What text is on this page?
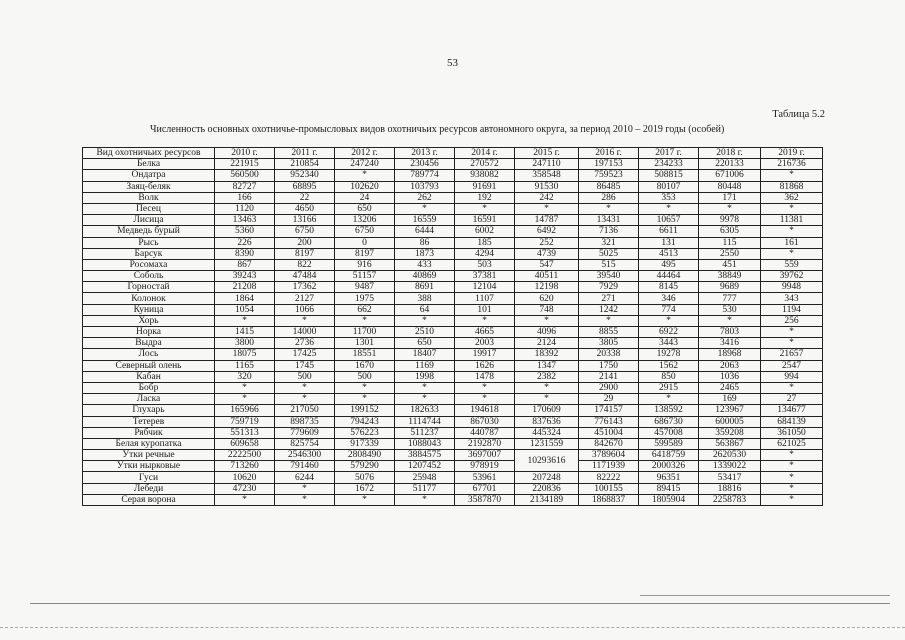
53
Таблица 5.2
Численность основных охотничье-промысловых видов охотничьих ресурсов автономного округа, за период 2010 – 2019 годы (особей)
Вид охотничьих ресурсов	2010 г.	2011 г.	2012 г.	2013 г.	2014 г.	2015 г.	2016 г.	2017 г.	2018 г.	2019 г.
Белка	221915	210854	247240	230456	270572	247110	197153	234233	220133	216736
Ондатра	560500	952340	*	789774	938082	358548	759523	508815	671006	*
Заяц-беляк	82727	68895	102620	103793	91691	91530	86485	80107	80448	81868
Волк	166	22	24	262	192	242	286	353	171	362
Песец	1120	4650	650	*	*	*	*	*	*	*
Лисица	13463	13166	13206	16559	16591	14787	13431	10657	9978	11381
Медведь бурый	5360	6750	6750	6444	6002	6492	7136	6611	6305	*
Рысь	226	200	0	86	185	252	321	131	115	161
Барсук	8390	8197	8197	1873	4294	4739	5025	4513	2550	*
Росомаха	867	822	916	433	503	547	515	495	451	559
Соболь	39243	47484	51157	40869	37381	40511	39540	44464	38849	39762
Горностай	21208	17362	9487	8691	12104	12198	7929	8145	9689	9948
Колонок	1864	2127	1975	388	1107	620	271	346	777	343
Куница	1054	1066	662	64	101	748	1242	774	530	1194
Хорь	*	*	*	*	*	*	*	*	*	256
Норка	1415	14000	11700	2510	4665	4096	8855	6922	7803	*
Выдра	3800	2736	1301	650	2003	2124	3805	3443	3416	*
Лось	18075	17425	18551	18407	19917	18392	20338	19278	18968	21657
Северный олень	1165	1745	1670	1169	1626	1347	1750	1562	2063	2547
Кабан	320	500	500	1998	1478	2382	2141	850	1036	994
Бобр	*	*	*	*	*	*	2900	2915	2465	*
Ласка	*	*	*	*	*	*	29	*	169	27
Глухарь	165966	217050	199152	182633	194618	170609	174157	138592	123967	134677
Тетерев	759719	898735	794243	1114744	867030	837636	776143	686730	600005	684139
Рябчик	551313	779609	576223	511237	440787	445324	451004	457008	359208	361050
Белая куропатка	609658	825754	917339	1088043	2192870	1231559	842670	599589	563867	621025
Утки речные	2222500	2546300	2808490	3884575	3697007	10293616	3789604	6418759	2620530	*
Утки нырковые	713260	791460	579290	1207452	978919		1171939	2000326	1339022	*
Гуси	10620	6244	5076	25948	53961	207248	82222	96351	53417	*
Лебеди	47230	*	1672	51177	67701	220836	100155	89415	18816	*
Серая ворона	*	*	*	*	3587870	2134189	1868837	1805904	2258783	*
